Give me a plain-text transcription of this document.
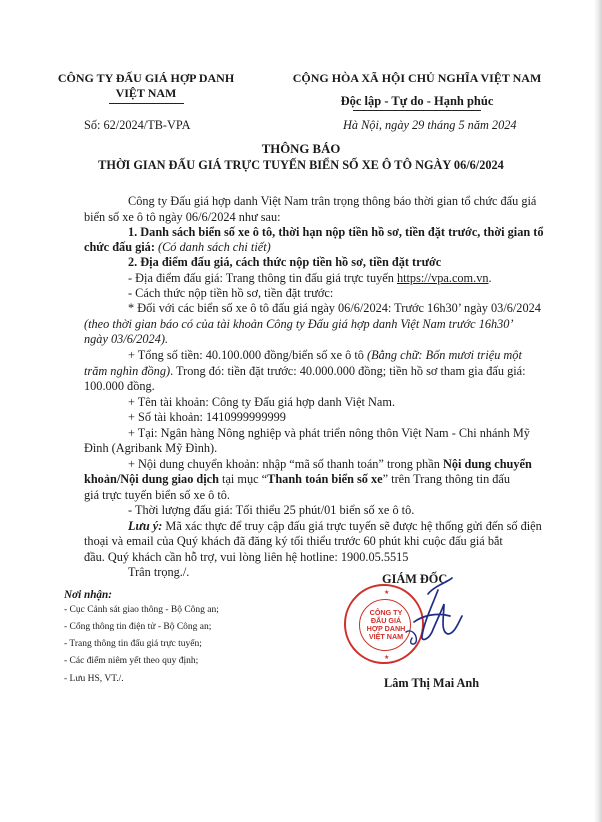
CÔNG TY ĐẤU GIÁ HỢP DANH
VIỆT NAM
CỘNG HÒA XÃ HỘI CHỦ NGHĨA VIỆT NAM
Độc lập - Tự do - Hạnh phúc
Số: 62/2024/TB-VPA	Hà Nội, ngày 29 tháng 5 năm 2024
THÔNG BÁO
THỜI GIAN ĐẤU GIÁ TRỰC TUYẾN BIỂN SỐ XE Ô TÔ NGÀY 06/6/2024
Công ty Đấu giá hợp danh Việt Nam trân trọng thông báo thời gian tổ chức đấu giá
biển số xe ô tô ngày 06/6/2024 như sau:
1. Danh sách biển số xe ô tô, thời hạn nộp tiền hồ sơ, tiền đặt trước, thời gian tổ
chức đấu giá: (Có danh sách chi tiết)
2. Địa điểm đấu giá, cách thức nộp tiền hồ sơ, tiền đặt trước
- Địa điểm đấu giá: Trang thông tin đấu giá trực tuyến https://vpa.com.vn.
- Cách thức nộp tiền hồ sơ, tiền đặt trước:
* Đối với các biển số xe ô tô đấu giá ngày 06/6/2024: Trước 16h30’ ngày 03/6/2024
(theo thời gian báo có của tài khoản Công ty Đấu giá hợp danh Việt Nam trước 16h30’
ngày 03/6/2024).
+ Tổng số tiền: 40.100.000 đồng/biển số xe ô tô (Bằng chữ: Bốn mươi triệu một
trăm nghìn đồng). Trong đó: tiền đặt trước: 40.000.000 đồng; tiền hồ sơ tham gia đấu giá:
100.000 đồng.
+ Tên tài khoản: Công ty Đấu giá hợp danh Việt Nam.
+ Số tài khoản: 1410999999999
+ Tại: Ngân hàng Nông nghiệp và phát triển nông thôn Việt Nam - Chi nhánh Mỹ
Đình (Agribank Mỹ Đình).
+ Nội dung chuyển khoản: nhập “mã số thanh toán” trong phần Nội dung chuyển
khoản/Nội dung giao dịch tại mục “Thanh toán biển số xe” trên Trang thông tin đấu
giá trực tuyến biển số xe ô tô.
- Thời lượng đấu giá: Tối thiểu 25 phút/01 biển số xe ô tô.
Lưu ý: Mã xác thực để truy cập đấu giá trực tuyến sẽ được hệ thống gửi đến số điện
thoại và email của Quý khách đã đăng ký tối thiểu trước 60 phút khi cuộc đấu giá bắt
đầu. Quý khách cần hỗ trợ, vui lòng liên hệ hotline: 1900.05.5515
Trân trọng./.
Nơi nhận:
- Cục Cảnh sát giao thông - Bộ Công an;
- Cổng thông tin điện tử - Bộ Công an;
- Trang thông tin đấu giá trực tuyến;
- Các điểm niêm yết theo quy định;
- Lưu HS, VT./.
GIÁM ĐỐC
CÔNG TY
ĐẤU GIÁ
HỢP DANH
VIỆT NAM
★
★
Lâm Thị Mai Anh
